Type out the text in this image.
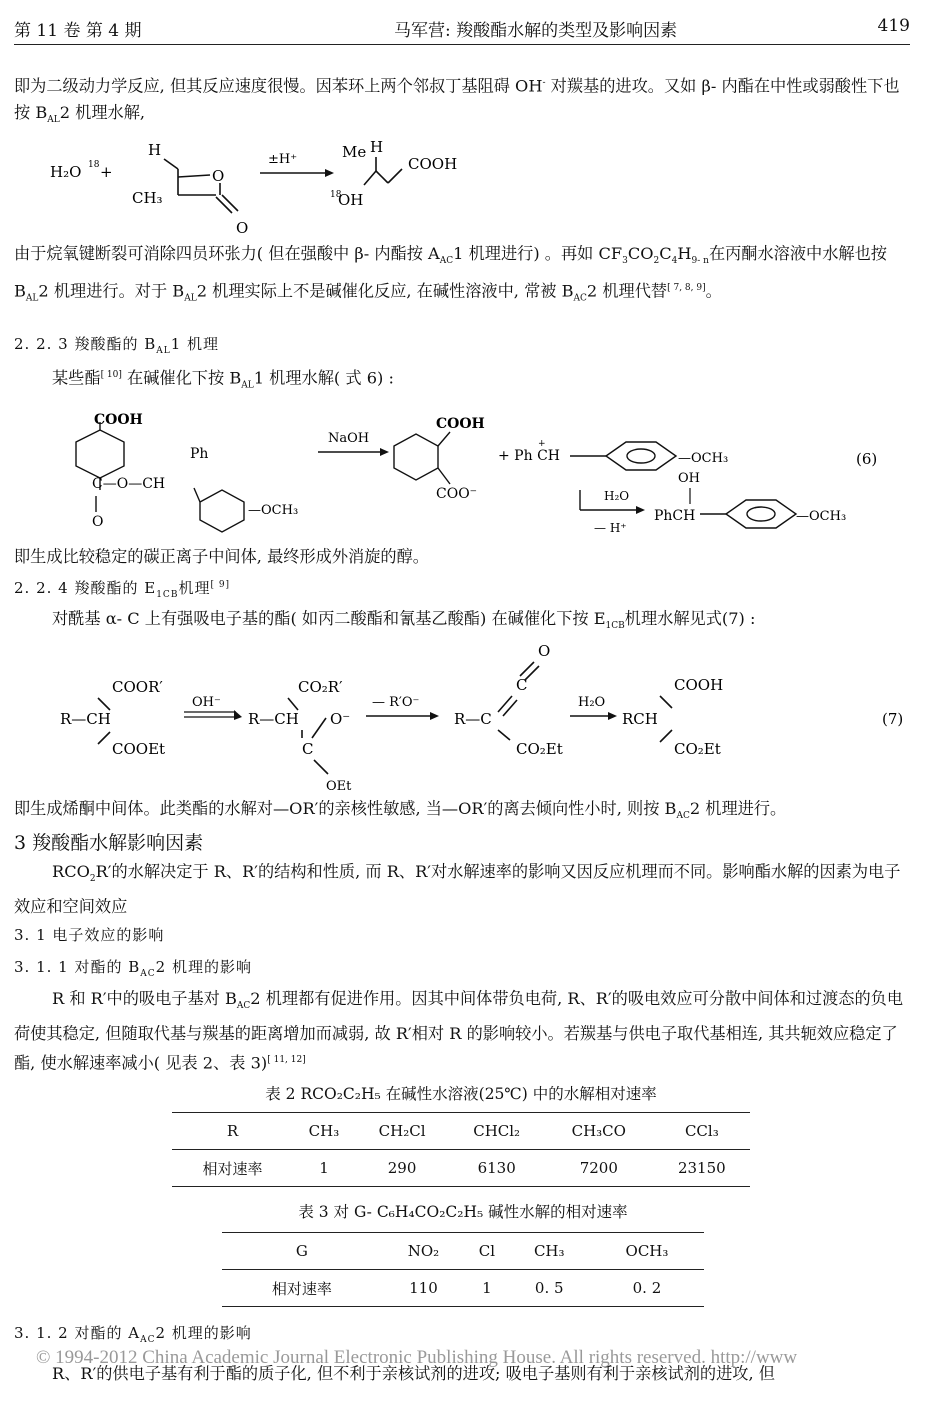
第 11 卷 第 4 期	马军营: 羧酸酯水解的类型及影响因素	419
即为二级动力学反应, 但其反应速度很慢。因苯环上两个邻叔丁基阻碍 OH- 对羰基的进攻。又如 β- 内酯在中性或弱酸性下也按 $B_{AL}2$ 机理水解,
H₂O 18 +
H
CH₃
O
O
±H⁺	Me H
COOH
18
OH
由于烷氧键断裂可消除四员环张力( 但在强酸中 β- 内酯按 $A_{AC}1$ 机理进行) 。再如 $CF_3CO_2C_4H_{9- n}$在丙酮水溶液中水解也按 $B_{AL}2$ 机理进行。对于 $B_{AL}2$ 机理实际上不是碱催化反应, 在碱性溶液中, 常被 $B_{AC}2$ 机理代替[ 7, 8, 9]。
2. 2. 3 羧酸酯的 $B_{AL}1$ 机理
某些酯[ 10] 在碱催化下按 $B_{AL}1$ 机理水解( 式 6) :
COOH
Ph
C—O—CH
O
—OCH₃
NaOH
COOH
COO⁻
+ Ph CH
+
—OCH₃
OH
H₂O
— H⁺
PhCH	—OCH₃
(6)
即生成比较稳定的碳正离子中间体, 最终形成外消旋的醇。
2. 2. 4 羧酸酯的 $E_{1CB}$机理[ 9]
对酰基 α- C 上有强吸电子基的酯( 如丙二酸酯和氰基乙酸酯) 在碱催化下按 $E_{1CB}$机理水解见式(7) :
COOR′
R—CH
COOEt
OH⁻
R—CH
CO₂R′
O⁻
C
OEt
— R′O⁻
R—C
C
O
CO₂Et
H₂O
RCH
COOH
CO₂Et
(7)
即生成烯酮中间体。此类酯的水解对—OR′的亲核性敏感, 当—OR′的离去倾向性小时, 则按 $B_{AC}2$ 机理进行。
3 羧酸酯水解影响因素
$RCO_2R'$的水解决定于 R、R′的结构和性质, 而 R、R′对水解速率的影响又因反应机理而不同。影响酯水解的因素为电子效应和空间效应
3. 1 电子效应的影响
3. 1. 1 对酯的 $B_{AC}2$ 机理的影响
R 和 R′中的吸电子基对 $B_{AC}2$ 机理都有促进作用。因其中间体带负电荷, R、R′的吸电效应可分散中间体和过渡态的负电荷使其稳定, 但随取代基与羰基的距离增加而减弱, 故 R′相对 R 的影响较小。若羰基与供电子取代基相连, 其共轭效应稳定了酯, 使水解速率减小( 见表 2、表 3)[ 11, 12]
表 2 RCO₂C₂H₅ 在碱性水溶液(25℃) 中的水解相对速率
R	CH₃	CH₂Cl	CHCl₂	CH₃CO	CCl₃
相对速率	1	290	6130	7200	23150
表 3 对 G- C₆H₄CO₂C₂H₅ 碱性水解的相对速率
G	NO₂	Cl	CH₃	OCH₃
相对速率	110	1	0. 5	0. 2
3. 1. 2 对酯的 $A_{AC}2$ 机理的影响
© 1994-2012 China Academic Journal Electronic Publishing House. All rights reserved. http://www
R、R′的供电子基有利于酯的质子化, 但不利于亲核试剂的进攻; 吸电子基则有利于亲核试剂的进攻, 但
